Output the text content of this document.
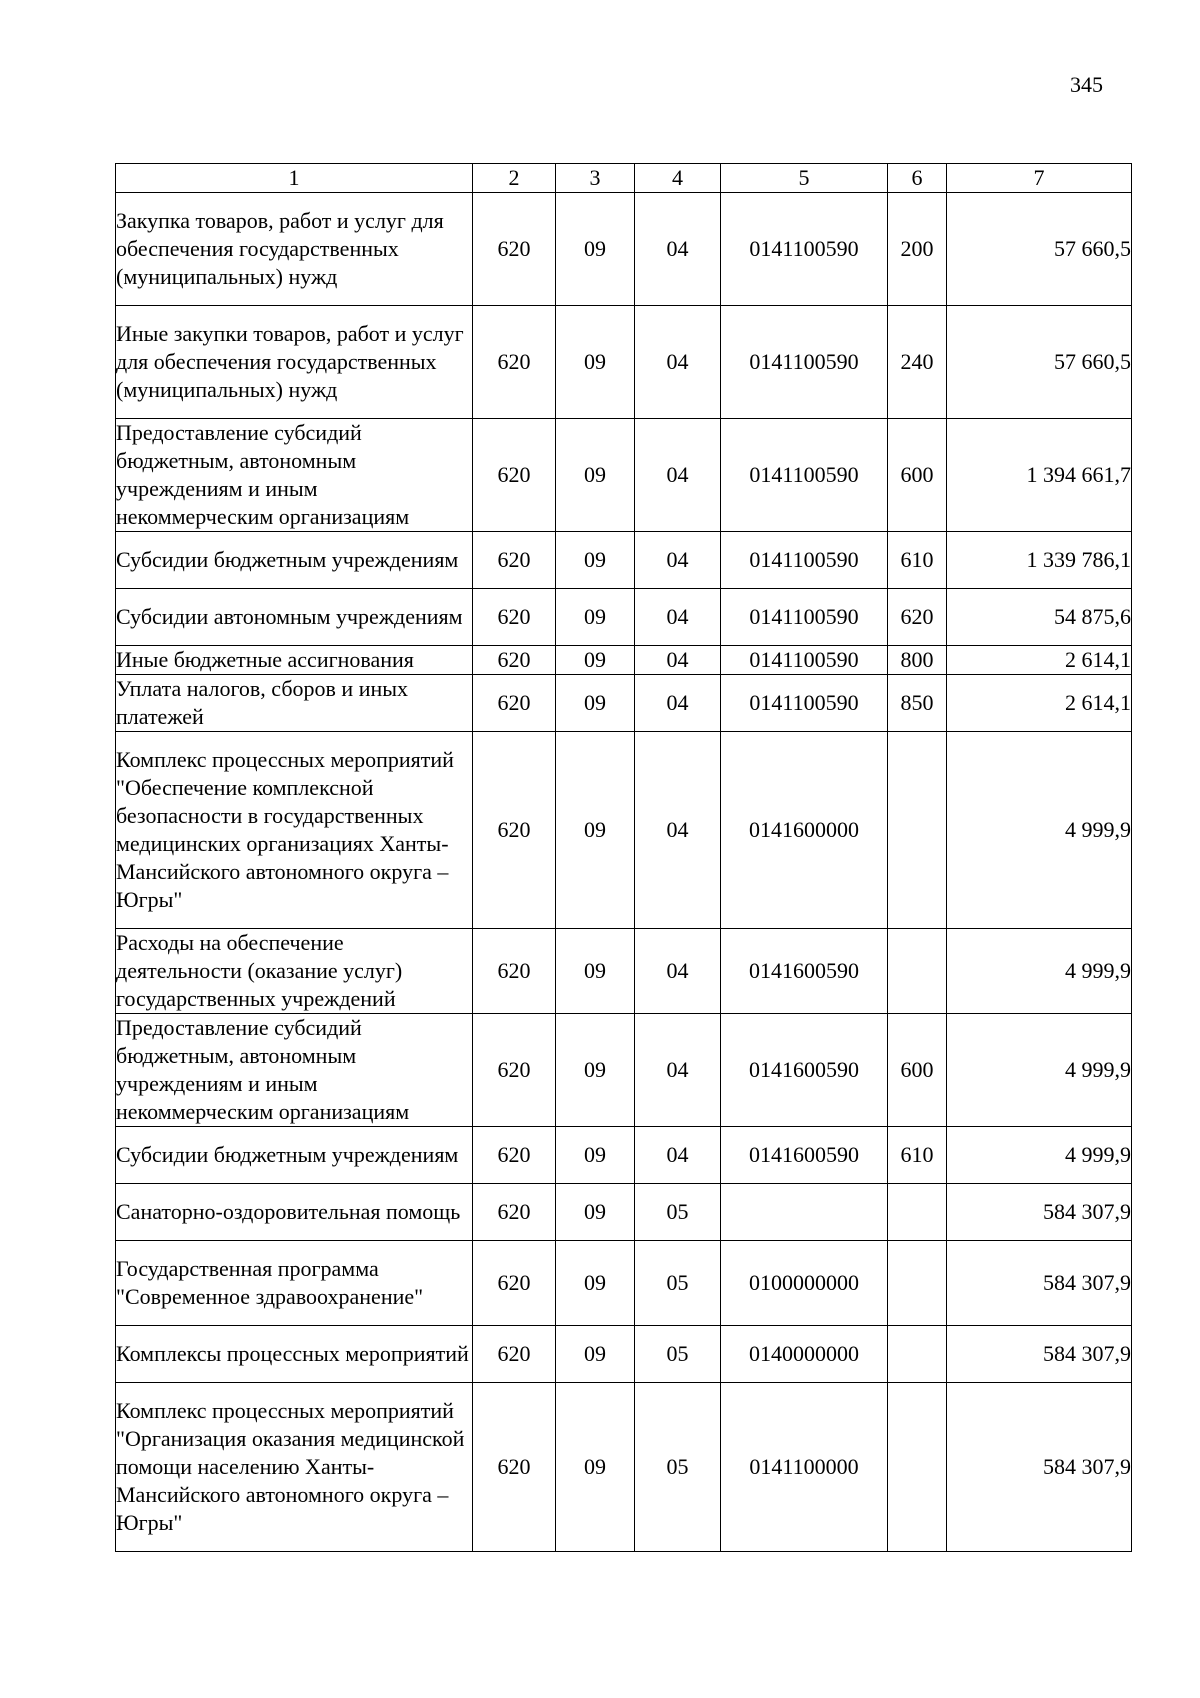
345
1	2	3	4	5	6	7
Закупка товаров, работ и услуг для обеспечения государственных (муниципальных) нужд	620	09	04	0141100590	200	57 660,5
Иные закупки товаров, работ и услуг для обеспечения государственных (муниципальных) нужд	620	09	04	0141100590	240	57 660,5
Предоставление субсидий бюджетным, автономным учреждениям и иным некоммерческим организациям	620	09	04	0141100590	600	1 394 661,7
Субсидии бюджетным учреждениям	620	09	04	0141100590	610	1 339 786,1
Субсидии автономным учреждениям	620	09	04	0141100590	620	54 875,6
Иные бюджетные ассигнования	620	09	04	0141100590	800	2 614,1
Уплата налогов, сборов и иных платежей	620	09	04	0141100590	850	2 614,1
Комплекс процессных мероприятий "Обеспечение комплексной безопасности в государственных медицинских организациях Ханты-Мансийского автономного округа – Югры"	620	09	04	0141600000		4 999,9
Расходы на обеспечение деятельности (оказание услуг) государственных учреждений	620	09	04	0141600590		4 999,9
Предоставление субсидий бюджетным, автономным учреждениям и иным некоммерческим организациям	620	09	04	0141600590	600	4 999,9
Субсидии бюджетным учреждениям	620	09	04	0141600590	610	4 999,9
Санаторно-оздоровительная помощь	620	09	05			584 307,9
Государственная программа "Современное здравоохранение"	620	09	05	0100000000		584 307,9
Комплексы процессных мероприятий	620	09	05	0140000000		584 307,9
Комплекс процессных мероприятий "Организация оказания медицинской помощи населению Ханты-Мансийского автономного округа – Югры"	620	09	05	0141100000		584 307,9
